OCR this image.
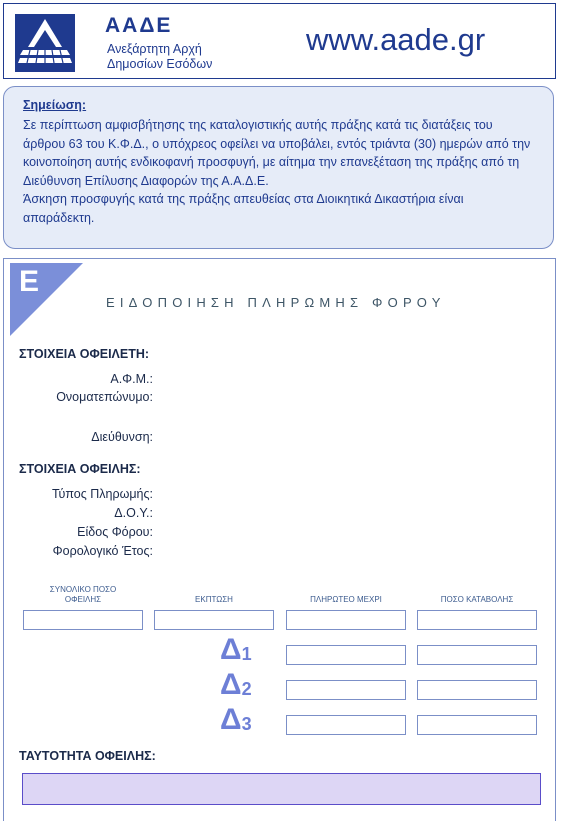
ΑΑΔΕ
Ανεξάρτητη Αρχή
Δημοσίων Εσόδων
www.aade.gr
Σημείωση:

Σε περίπτωση αμφισβήτησης της καταλογιστικής αυτής πράξης κατά τις διατάξεις του άρθρου 63 του Κ.Φ.Δ., ο υπόχρεος οφείλει να υποβάλει, εντός τριάντα (30) ημερών από την κοινοποίηση αυτής ενδικοφανή προσφυγή, με αίτημα την επανεξέταση της πράξης από τη Διεύθυνση Επίλυσης Διαφορών της Α.Α.Δ.Ε.

Άσκηση προσφυγής κατά της πράξης απευθείας στα Διοικητικά Δικαστήρια είναι απαράδεκτη.

Ε
ΕΙΔΟΠΟΙΗΣΗ ΠΛΗΡΩΜΗΣ ΦΟΡΟΥ
ΣΤΟΙΧΕΙΑ ΟΦΕΙΛΕΤΗ:
Α.Φ.Μ.:
Ονοματεπώνυμο:
Διεύθυνση:
ΣΤΟΙΧΕΙΑ ΟΦΕΙΛΗΣ:
Τύπος Πληρωμής:
Δ.Ο.Υ.:
Είδος Φόρου:
Φορολογικό Έτος:
ΣΥΝΟΛΙΚΟ ΠΟΣΟ
ΟΦΕΙΛΗΣ	ΕΚΠΤΩΣΗ	ΠΛΗΡΩΤΕΟ ΜΕΧΡΙ	ΠΟΣΟ ΚΑΤΑΒΟΛΗΣ
$\Delta_1$
$\Delta_2$
$\Delta_3$
ΤΑΥΤΟΤΗΤΑ ΟΦΕΙΛΗΣ:
